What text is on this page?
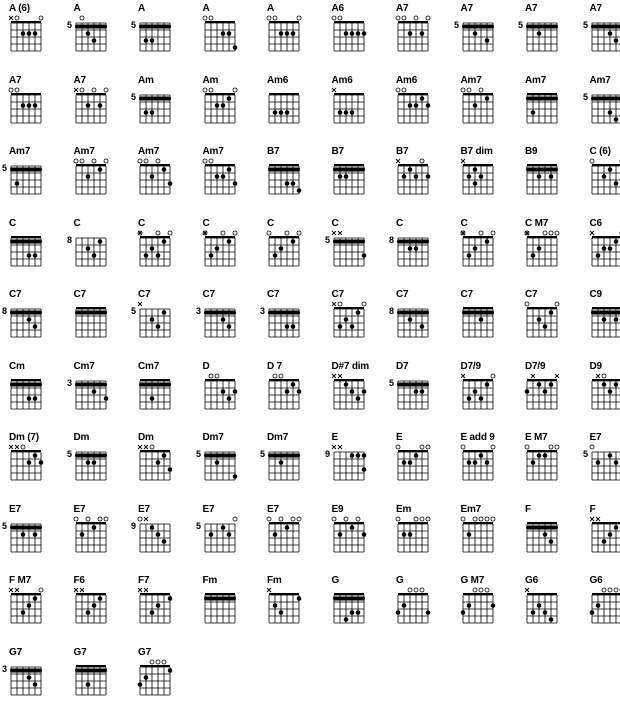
A (6)	A
5
A
5
A	A	A6	A7	A7
5
A7
5
A7
5
A7	A7	Am
5
Am	Am6	Am6	Am6	Am7	Am7	Am7
5
Am7
5
Am7	Am7	Am7	B7	B7	B7	B7 dim	B9	C (6)
C	C
8
C	C	C	C
5
C
8
C	C M7	C6
C7
8
C7	C7
5
C7
3
C7
3
C7	C7
8
C7	C7	C9
Cm	Cm7
3
Cm7	D	D 7	D#7 dim	D7
5
D7/9	D7/9	D9
Dm (7)	Dm
5
Dm	Dm7
5
Dm7
5
E
9
E	E add 9	E M7	E7
5
E7
5
E7	E7
9
E7
5
E7	E9	Em	Em7	F	F
F M7	F6	F7	Fm	Fm	G	G	G M7	G6	G6
G7
3
G7	G7
